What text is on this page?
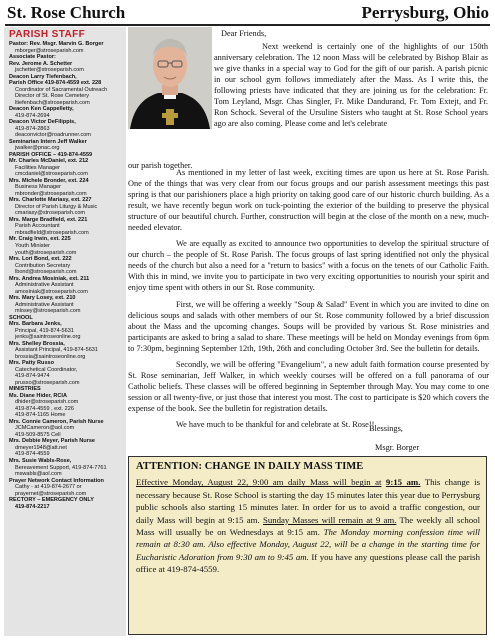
St. Rose Church	Perrysburg, Ohio
PARISH STAFF
Pastor: Rev. Msgr. Marvin G. Borger
mborger@stroseparish.com
Associate Pastor:
Rev. Jerome A. Schetter
jschetter@stroseparish.com
Deacon Larry Tiefenbach,
Parish Office 419-874-4559 ext. 228
Coordinator of Sacramental Outreach
Director of St. Rose Cemetery
ltiefenbach@stroseparish.com
Deacon Ken Cappelletty,
419-874-2694
Deacon Victor DeFilippis,
419-874-2863
deaconvictor@roadrunner.com
Seminarian Intern Jeff Walker
jwalker@pnac.org
PARISH OFFICE – 419-874-4559
Mr. Charles McDaniel, ext. 212
Facilities Manager
cmcdaniel@stroseparish.com
Mrs. Michele Bronder, ext. 224
Business Manager
mbronder@stroseparish.com
Mrs. Charlotte Mariasy, ext. 227
Director of Parish Liturgy & Music
cmariasy@stroseparish.com
Mrs. Marge Bradfield, ext. 221
Parish Accountant
mbradfield@stroseparish.com
Mr. Craig Irwin, ext. 225
Youth Minister
youth@stroseparish.com
Mrs. Lori Bond, ext. 222
Contribution Secretary
lbond@stroseparish.com
Mrs. Andrea Mosiniak, ext. 211
Administrative Assistant
amosiniak@stroseparish.com
Mrs. Mary Losey, ext. 210
Administrative Assistant
mlosey@stroseparish.com
SCHOOL
Mrs. Barbara Jenks,
Principal, 419-874-5631
jenks@saintroseonline.org
Mrs. Shelley Brossia,
Assistant Principal, 419-874-5631
brossia@saintroseonline.org
Mrs. Patty Russo
Catechetical Coordinator,
419-874-9474
prusso@stroseparish.com
MINISTRIES
Ms. Diane Hider, RCIA
dhider@stroseparish.com
419-874-4559 , ext. 226
419-874-1165 Home
Mrs. Connie Cameron, Parish Nurse
JCMCameron@aol.com
419-509-8575 Cell
Mrs. Debbie Meyer, Parish Nurse
dmeyer1948@att.net
419-874-4559
Mrs. Susie Wabls-Rose,
Bereavement Support, 419-874-7761
mswabls@aol.com
Prayer Network Contact Information
Cathy - at 419-874-2677 or
prayernet@stroseparish.com
RECTORY – EMERGENCY ONLY
419-874-2217
Dear Friends,

Next weekend is certainly one of the highlights of our 150th anniversary celebration. The 12 noon Mass will be celebrated by Bishop Blair as we give thanks in a special way to God for the gift of our parish. A parish picnic in our school gym follows immediately after the Mass. As I write this, the following priests have indicated that they are joining us for the celebration: Fr. Tom Leyland, Msgr. Chas Singler, Fr. Mike Dandurand, Fr. Tom Extejt, and Fr. Ron Schock. Several of the Ursuline Sisters who taught at St. Rose School years ago are also coming. Please come and let's celebrate

our parish together.

As mentioned in my letter of last week, exciting times are upon us here at St. Rose Parish. One of the things that was very clear from our focus groups and our parish assessment meetings this past spring is that our parishioners place a high priority on taking good care of our historic church building. As a result, we have recently begun work on tuck-pointing the exterior of the building to preserve the physical structure of our beautiful church. Further, construction will begin at the close of the month on a new, much-needed elevator.

We are equally as excited to announce two opportunities to develop the spiritual structure of our church – the people of St. Rose Parish. The focus groups of last spring identified not only the physical needs of the church but also a need for a "return to basics" with a focus on the tenets of our Catholic Faith. With this in mind, we invite you to participate in two very exciting opportunities to nourish your spirit and enjoy time spent with others in our St. Rose community.

First, we will be offering a weekly "Soup & Salad" Event in which you are invited to dine on delicious soups and salads with other members of our St. Rose community followed by a brief discussion about the Mass and the upcoming changes. Soups will be provided by various St. Rose ministries and participants are asked to bring a salad to share. These meetings will be held on Monday evenings from 6pm to 7:30pm, beginning September 12th, 19th, 26th and concluding October 3rd. See the bulletin for details.

Secondly, we will be offering "Evangelium", a new adult faith formation course presented by St. Rose seminarian, Jeff Walker, in which weekly courses will be offered on a full panorama of our Catholic beliefs. These classes will be offered beginning in September through May. You may come to one session or all twenty-five, or just those that interest you most. The cost to participate is $20 which covers the expense of the book. See the bulletin for registration details.

We have much to be thankful for and celebrate at St. Rose!!

Blessings,
Msgr. Borger
ATTENTION: CHANGE IN DAILY MASS TIME

Effective Monday, August 22, 9:00 am daily Mass will begin at 9:15 am. This change is necessary because St. Rose School is starting the day 15 minutes later this year due to Perrysburg public schools also starting 15 minutes later. In order for us to avoid a traffic congestion, our daily Mass will begin at 9:15 am. Sunday Masses will remain at 9 am. The weekly all school Mass will usually be on Wednesdays at 9:15 am. The Monday morning confession time will remain at 8:30 am. Also effective Monday, August 22, will be a change in the starting time for Eucharistic Adoration from 9:30 am to 9:45 am. If you have any questions please call the parish office at 419-874-4559.
